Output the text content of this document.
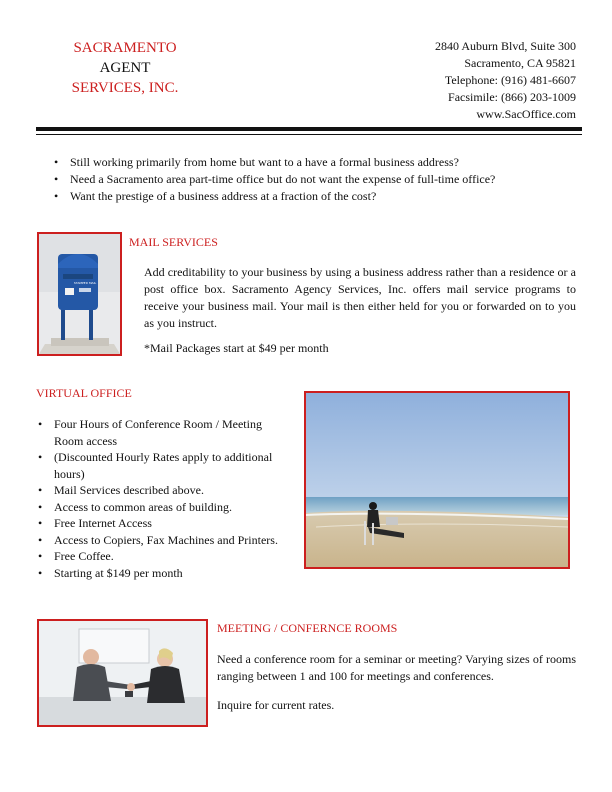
SACRAMENTO
AGENT
SERVICES, INC.
2840 Auburn Blvd, Suite 300
Sacramento, CA 95821
Telephone: (916) 481-6607
Facsimile: (866) 203-1009
www.SacOffice.com
• Still working primarily from home but want to a have a formal business address?
• Need a Sacramento area part-time office but do not want the expense of full-time office?
• Want the prestige of a business address at a fraction of the cost?
STAMPED MAIL
MAIL SERVICES
Add creditability to your business by using a business address rather than a residence or a post office box. Sacramento Agency Services, Inc. offers mail service programs to receive your business mail. Your mail is then either held for you or forwarded on to you as you instruct.
*Mail Packages start at $49 per month
VIRTUAL OFFICE
• Four Hours of Conference Room / Meeting Room access
• (Discounted Hourly Rates apply to additional hours)
• Mail Services described above.
• Access to common areas of building.
• Free Internet Access
• Access to Copiers, Fax Machines and Printers.
• Free Coffee.
• Starting at $149 per month
MEETING / CONFERNCE ROOMS
Need a conference room for a seminar or meeting? Varying sizes of rooms ranging between 1 and 100 for meetings and conferences.
Inquire for current rates.
